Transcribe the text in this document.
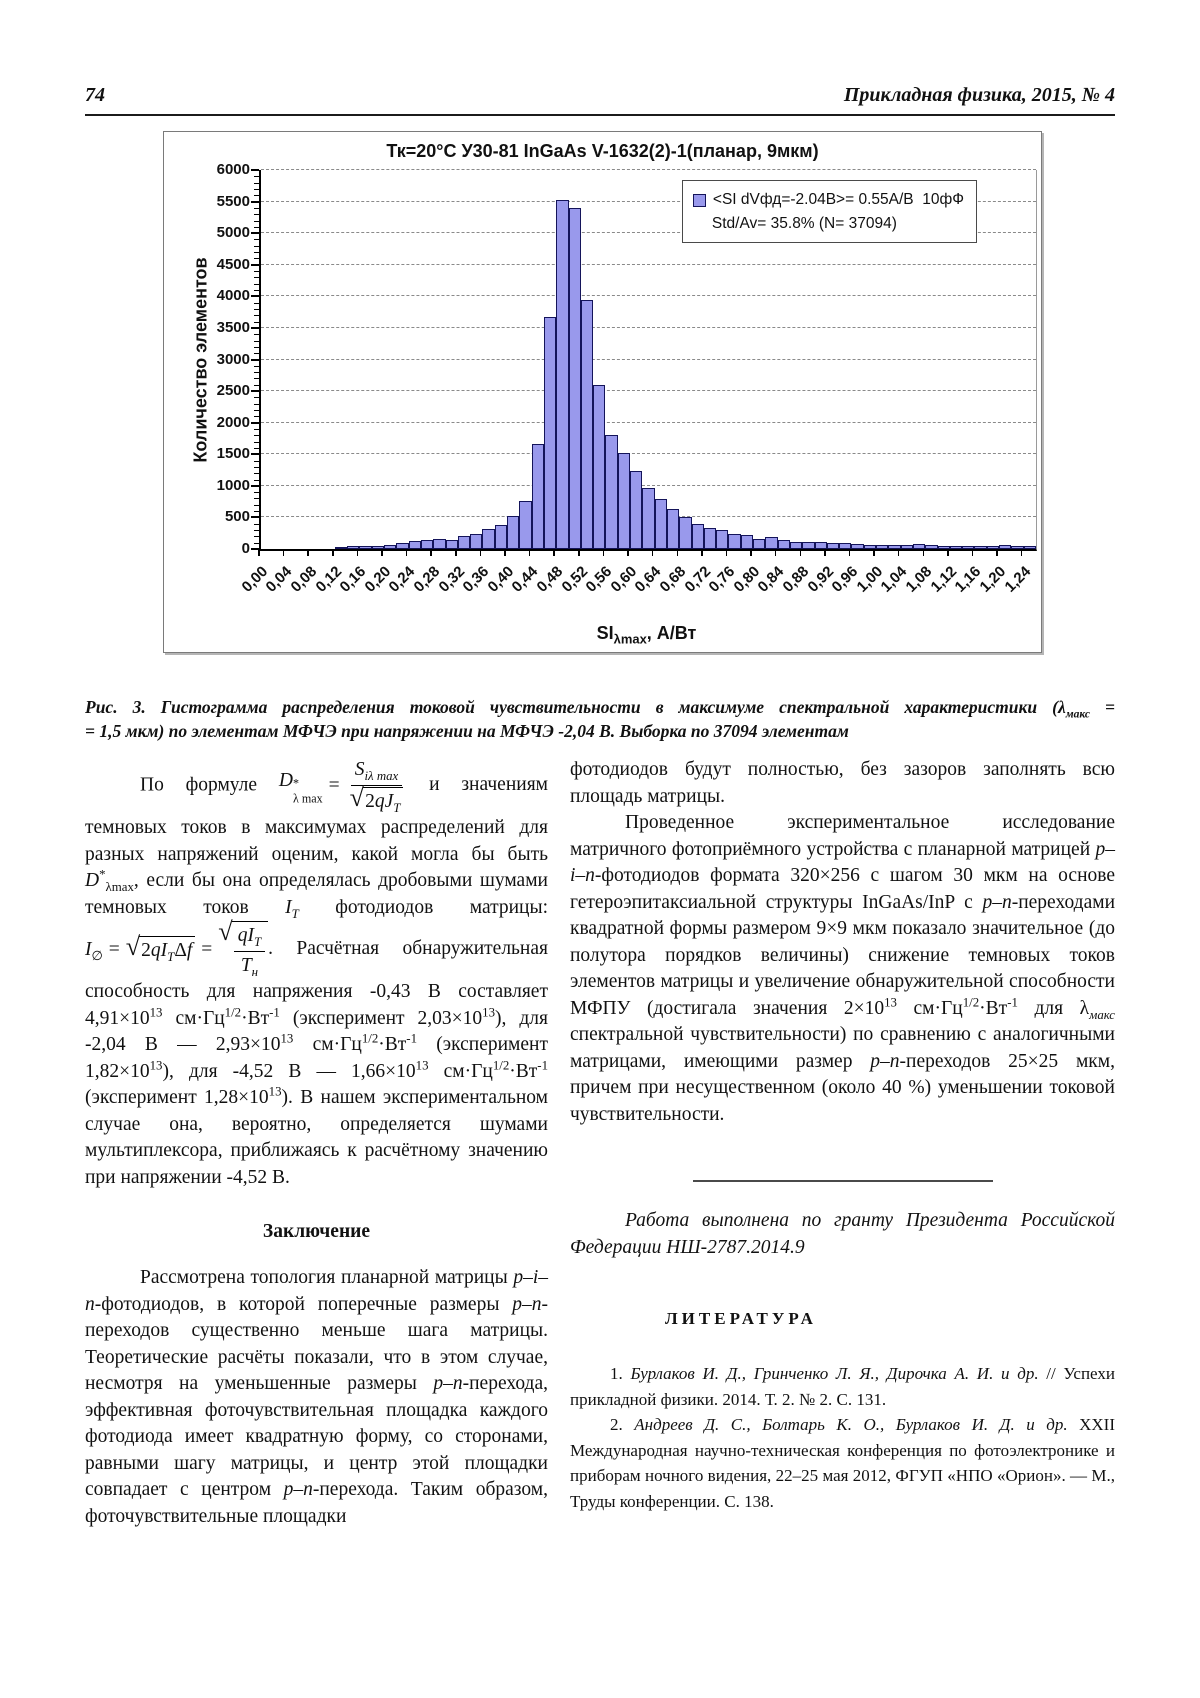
74	Прикладная физика, 2015, № 4
Тк=20°С У30-81 InGaAs V-1632(2)-1(планар, 9мкм)
Количество элементов
0,00
0,04
0,08
0,12
0,16
0,20
0,24
0,28
0,32
0,36
0,40
0,44
0,48
0,52
0,56
0,60
0,64
0,68
0,72
0,76
0,80
0,84
0,88
0,92
0,96
1,00
1,04
1,08
1,12
1,16
1,20
1,24
$SI_{\lambda max}$, А/Вт
<SI dVфд=-2.04В>= 0.55А/В  10фФ
Std/Av= 35.8% (N= 37094)
0
500
1000
1500
2000
2500
3000
3500
4000
4500
5000
5500
6000
Рис. 3. Гистограмма распределения токовой чувствительности в максимуме спектральной характеристики ($\lambda_{макс}$ =
= 1,5 мкм) по элементам МФЧЭ при напряжении на МФЧЭ -2,04 В. Выборка по 37094 элементам

По формуле D *
λ max
= $\frac{S_{i\lambda max}}{√ 2qJ_T}$ и значениям темновых токов в максимумах распределений для разных напряжений оценим, какой могла бы быть $D^*_{\lambda max}$, если бы она определялась дробовыми шумами темновых токов $I_T$ фотодиодов матрицы:
$I_\emptyset$ = √ $2qI_T\Delta f$ =
√ $\frac{qI_T}{T_н}$ . Расчётная обнаружительная способность для напряжения -0,43 В составляет $4,91\times 10^{13}$ $см\cdot Гц^{1/2}\cdot Вт^{-1}$ (эксперимент $2,03\times 10^{13}$), для -2,04 В — $2,93\times 10^{13}$ $см\cdot Гц^{1/2}\cdot Вт^{-1}$ (эксперимент $1,82\times 10^{13}$), для -4,52 В — $1,66\times 10^{13}$ $см\cdot Гц^{1/2}\cdot Вт^{-1}$ (эксперимент $1,28\times 10^{13}$). В нашем экспериментальном случае она, вероятно, определяется шумами мультиплексора, приближаясь к расчётному значению при напряжении -4,52 В.

Заключение

Рассмотрена топология планарной матрицы p–i–n-фотодиодов, в которой поперечные размеры p–n-переходов существенно меньше шага матрицы. Теоретические расчёты показали, что в этом случае, несмотря на уменьшенные размеры p–n-перехода, эффективная фоточувствительная площадка каждого фотодиода имеет квадратную форму, со сторонами, равными шагу матрицы, и центр этой площадки совпадает с центром p–n-перехода. Таким образом, фоточувствительные площадки

фотодиодов будут полностью, без зазоров заполнять всю площадь матрицы.

Проведенное экспериментальное исследование матричного фотоприёмного устройства с планарной матрицей p–i–n-фотодиодов формата 320×256 с шагом 30 мкм на основе гетероэпитаксиальной структуры InGaAs/InP с p–n-переходами квадратной формы размером 9×9 мкм показало значительное (до полутора порядков величины) снижение темновых токов элементов матрицы и увеличение обнаружительной способности МФПУ (достигала значения $2\times 10^{13}$ $см\cdot Гц^{1/2}\cdot Вт^{-1}$ для $\lambda_{макс}$ спектральной чувствительности) по сравнению с аналогичными матрицами, имеющими размер p–n-переходов 25×25 мкм, причем при несущественном (около 40 %) уменьшении токовой чувствительности.

Работа выполнена по гранту Президента Российской Федерации НШ-2787.2014.9

ЛИТЕРАТУРА

1. Бурлаков И. Д., Гринченко Л. Я., Дирочка А. И. и др. // Успехи прикладной физики. 2014. Т. 2. № 2. С. 131.

2. Андреев Д. С., Болтарь К. О., Бурлаков И. Д. и др. XXII Международная научно-техническая конференция по фотоэлектронике и приборам ночного видения, 22–25 мая 2012, ФГУП «НПО «Орион». — М., Труды конференции. С. 138.
